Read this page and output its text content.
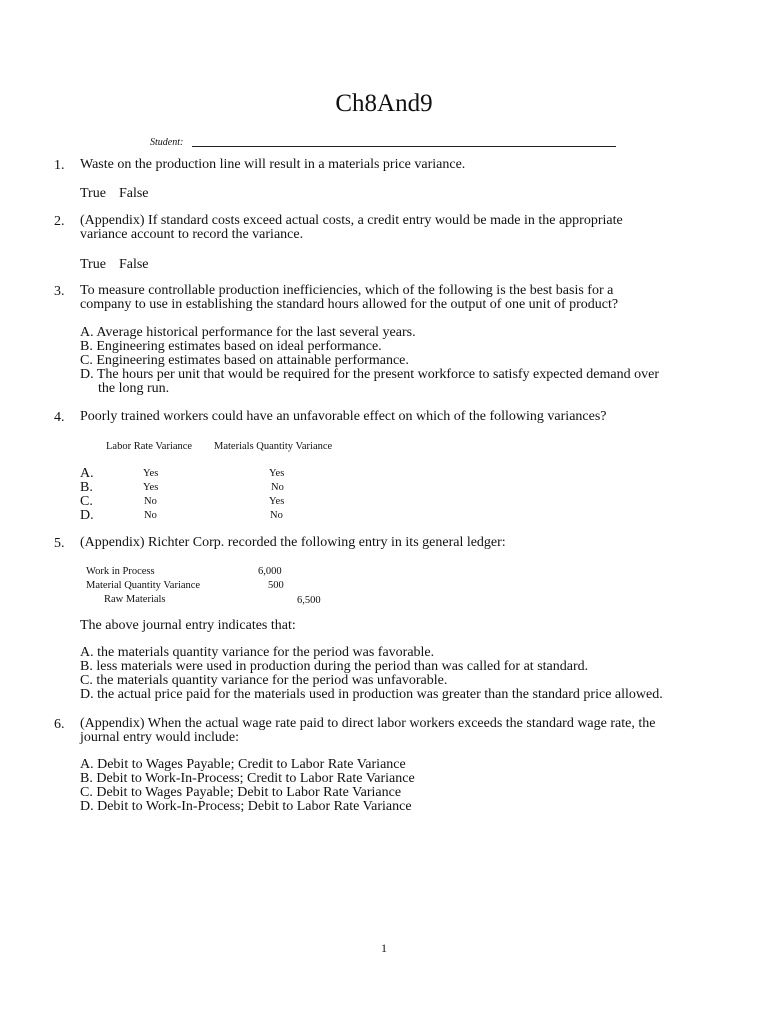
Ch8And9
Student:
1. Waste on the production line will result in a materials price variance.
True False
2. (Appendix) If standard costs exceed actual costs, a credit entry would be made in the appropriate
variance account to record the variance.
True False
3. To measure controllable production inefficiencies, which of the following is the best basis for a
company to use in establishing the standard hours allowed for the output of one unit of product?
A. Average historical performance for the last several years.
B. Engineering estimates based on ideal performance.
C. Engineering estimates based on attainable performance.
D. The hours per unit that would be required for the present workforce to satisfy expected demand over
the long run.
4. Poorly trained workers could have an unfavorable effect on which of the following variances?
Labor Rate Variance Materials Quantity Variance
A.	Yes	Yes
B.	Yes	No
C.	No	Yes
D.	No	No
5. (Appendix) Richter Corp. recorded the following entry in its general ledger:
Work in Process	6,000
Material Quantity Variance	500
Raw Materials	6,500
The above journal entry indicates that:
A. the materials quantity variance for the period was favorable.
B. less materials were used in production during the period than was called for at standard.
C. the materials quantity variance for the period was unfavorable.
D. the actual price paid for the materials used in production was greater than the standard price allowed.
6. (Appendix) When the actual wage rate paid to direct labor workers exceeds the standard wage rate, the
journal entry would include:
A. Debit to Wages Payable; Credit to Labor Rate Variance
B. Debit to Work-In-Process; Credit to Labor Rate Variance
C. Debit to Wages Payable; Debit to Labor Rate Variance
D. Debit to Work-In-Process; Debit to Labor Rate Variance
1
